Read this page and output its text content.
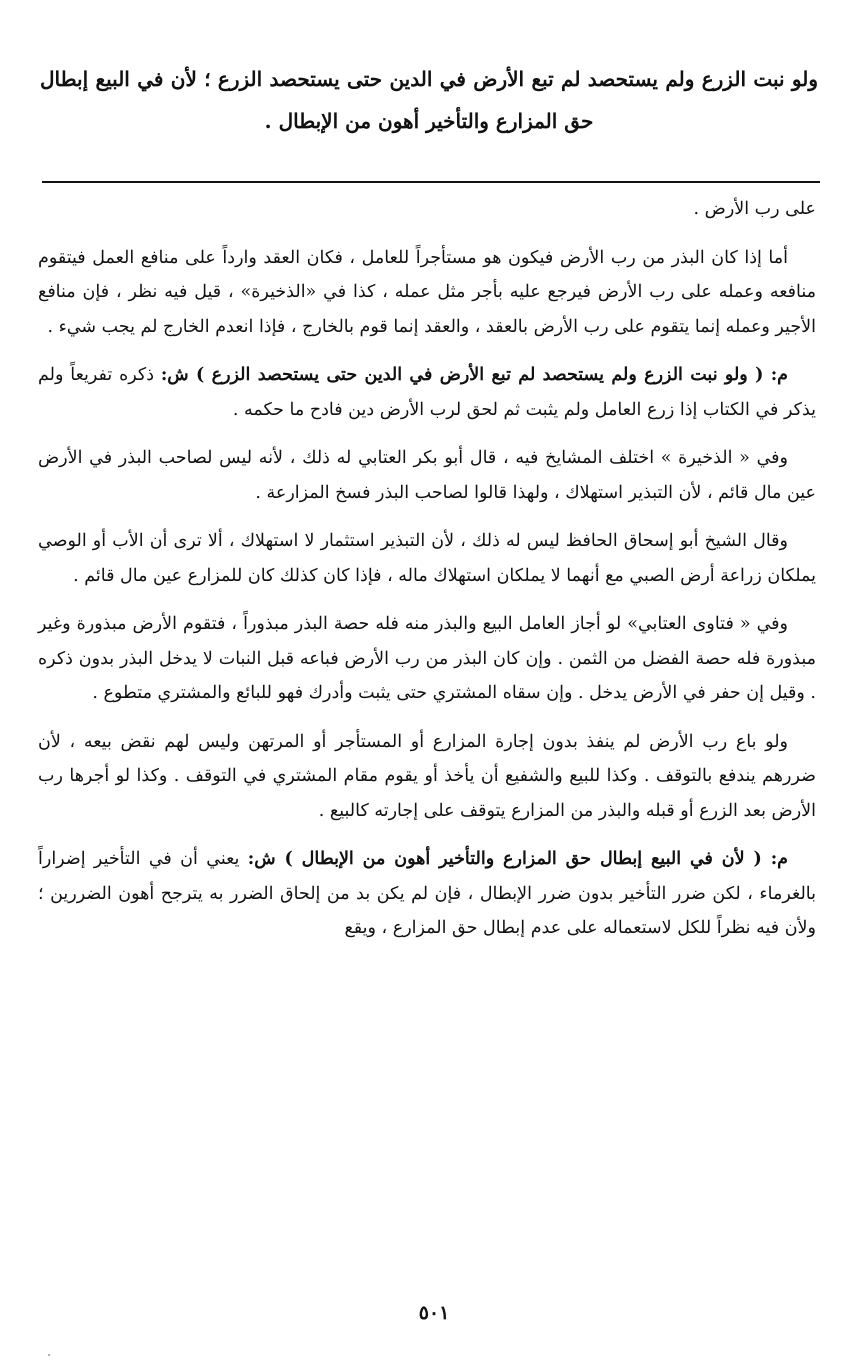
ولو نبت الزرع ولم يستحصد لم تبع الأرض في الدين حتى يستحصد الزرع ؛ لأن في البيع إبطال حق المزارع والتأخير أهون من الإبطال .

على رب الأرض .

أما إذا كان البذر من رب الأرض فيكون هو مستأجراً للعامل ، فكان العقد وارداً على منافع العمل فيتقوم منافعه وعمله على رب الأرض فيرجع عليه بأجر مثل عمله ، كذا في «الذخيرة» ، قيل فيه نظر ، فإن منافع الأجير وعمله إنما يتقوم على رب الأرض بالعقد ، والعقد إنما قوم بالخارج ، فإذا انعدم الخارج لم يجب شيء .

م: ( ولو نبت الزرع ولم يستحصد لم تبع الأرض في الدين حتى يستحصد الزرع ) ش: ذكره تفريعاً ولم يذكر في الكتاب إذا زرع العامل ولم يثبت ثم لحق لرب الأرض دين فادح ما حكمه .

وفي « الذخيرة » اختلف المشايخ فيه ، قال أبو بكر العتابي له ذلك ، لأنه ليس لصاحب البذر في الأرض عين مال قائم ، لأن التبذير استهلاك ، ولهذا قالوا لصاحب البذر فسخ المزارعة .

وقال الشيخ أبو إسحاق الحافظ ليس له ذلك ، لأن التبذير استثمار لا استهلاك ، ألا ترى أن الأب أو الوصي يملكان زراعة أرض الصبي مع أنهما لا يملكان استهلاك ماله ، فإذا كان كذلك كان للمزارع عين مال قائم .

وفي « فتاوى العتابي» لو أجاز العامل البيع والبذر منه فله حصة البذر مبذوراً ، فتقوم الأرض مبذورة وغير مبذورة فله حصة الفضل من الثمن . وإن كان البذر من رب الأرض فباعه قبل النبات لا يدخل البذر بدون ذكره . وقيل إن حفر في الأرض يدخل . وإن سقاه المشتري حتى يثبت وأدرك فهو للبائع والمشتري متطوع .

ولو باع رب الأرض لم ينفذ بدون إجارة المزارع أو المستأجر أو المرتهن وليس لهم نقض بيعه ، لأن ضررهم يندفع بالتوقف . وكذا للبيع والشفيع أن يأخذ أو يقوم مقام المشتري في التوقف . وكذا لو أجرها رب الأرض بعد الزرع أو قبله والبذر من المزارع يتوقف على إجارته كالبيع .

م: ( لأن في البيع إبطال حق المزارع والتأخير أهون من الإبطال ) ش: يعني أن في التأخير إضراراً بالغرماء ، لكن ضرر التأخير بدون ضرر الإبطال ، فإن لم يكن بد من إلحاق الضرر به يترجح أهون الضررين ؛ ولأن فيه نظراً للكل لاستعماله على عدم إبطال حق المزارع ، ويقع

٥٠١
